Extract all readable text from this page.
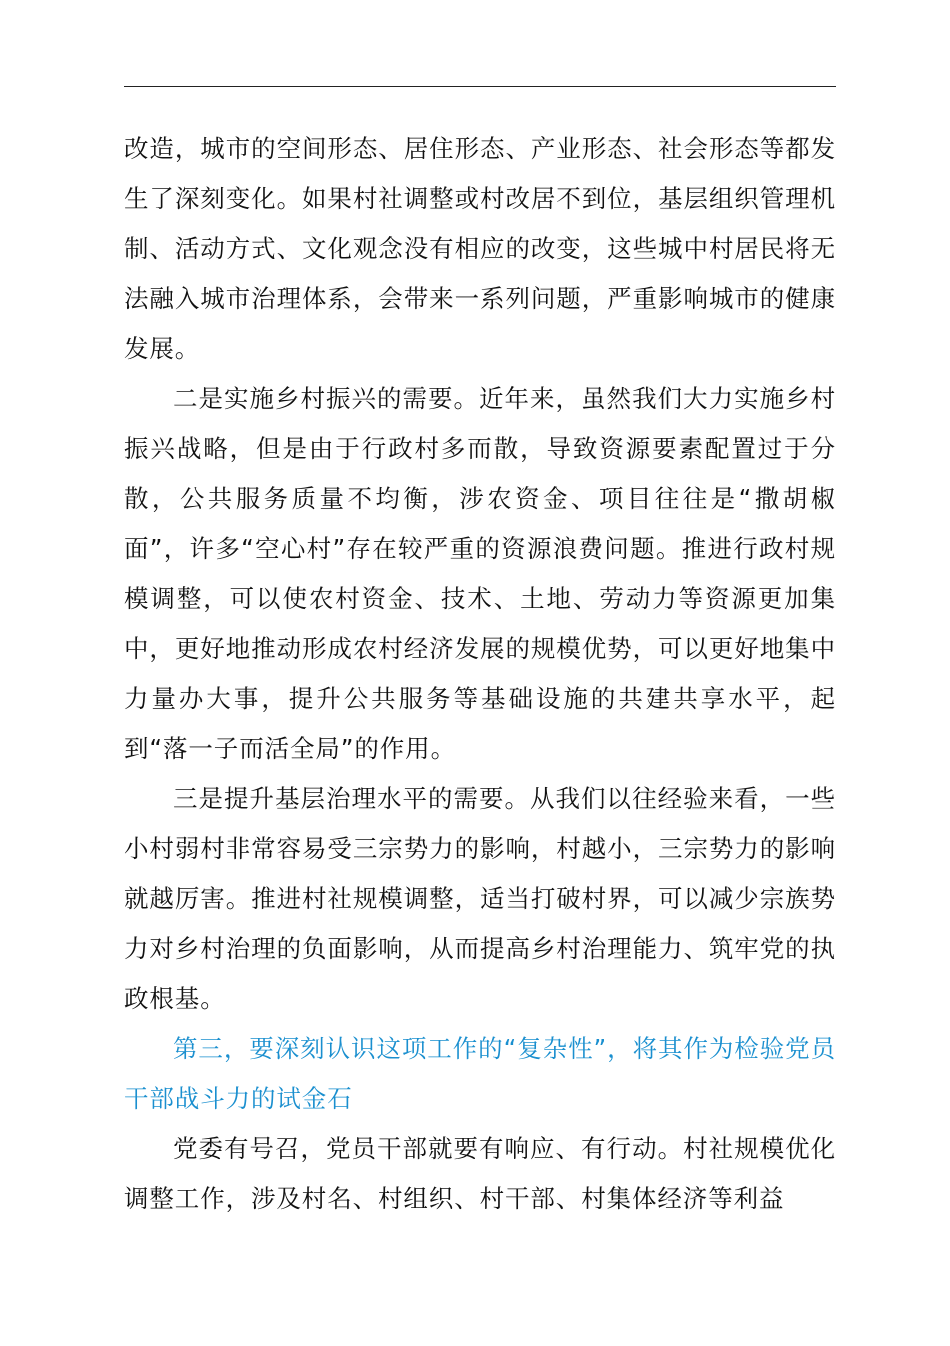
改造，城市的空间形态、居住形态、产业形态、社会形态等都发生了深刻变化。如果村社调整或村改居不到位，基层组织管理机制、活动方式、文化观念没有相应的改变，这些城中村居民将无法融入城市治理体系，会带来一系列问题，严重影响城市的健康发展。

二是实施乡村振兴的需要。近年来，虽然我们大力实施乡村振兴战略，但是由于行政村多而散，导致资源要素配置过于分散，公共服务质量不均衡，涉农资金、项目往往是“撒胡椒面”，许多“空心村”存在较严重的资源浪费问题。推进行政村规模调整，可以使农村资金、技术、土地、劳动力等资源更加集中，更好地推动形成农村经济发展的规模优势，可以更好地集中力量办大事，提升公共服务等基础设施的共建共享水平，起到“落一子而活全局”的作用。

三是提升基层治理水平的需要。从我们以往经验来看，一些小村弱村非常容易受三宗势力的影响，村越小，三宗势力的影响就越厉害。推进村社规模调整，适当打破村界，可以减少宗族势力对乡村治理的负面影响，从而提高乡村治理能力、筑牢党的执政根基。

第三，要深刻认识这项工作的“复杂性”，将其作为检验党员干部战斗力的试金石

党委有号召，党员干部就要有响应、有行动。村社规模优化调整工作，涉及村名、村组织、村干部、村集体经济等利益
